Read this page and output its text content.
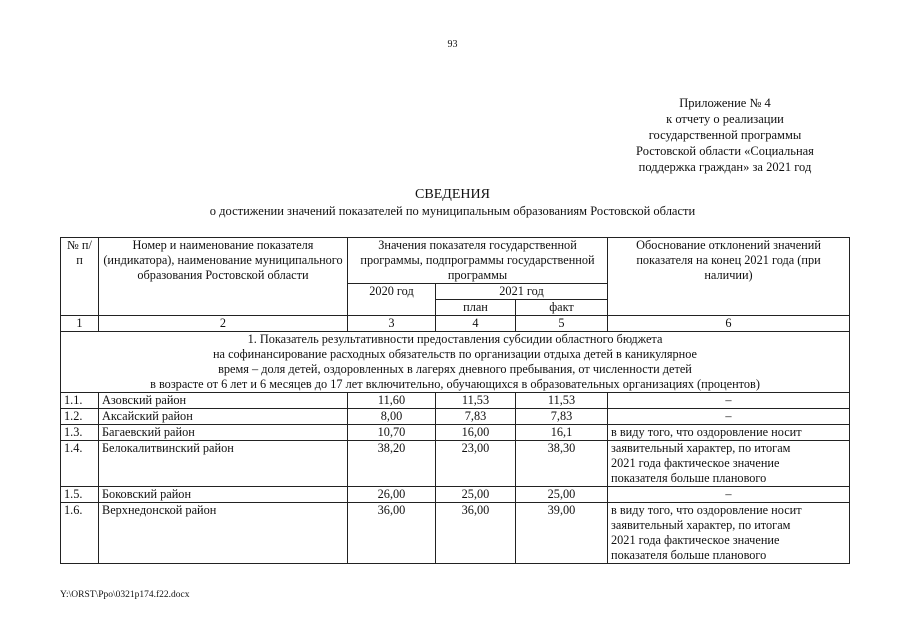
93
Приложение № 4
к отчету о реализации
государственной программы
Ростовской области «Социальная
поддержка граждан» за 2021 год
СВЕДЕНИЯ
о достижении значений показателей по муниципальным образованиям Ростовской области
№ п/п	Номер и наименование показателя (индикатора), наименование муниципального образования Ростовской области	Значения показателя государственной программы, подпрограммы государственной программы			Обоснование отклонений значений показателя на конец 2021 года (при наличии)
		2020 год	2021 год		
			план	факт	
1	2	3	4	5	6

1. Показатель результативности предоставления субсидии областного бюджета
на софинансирование расходных обязательств по организации отдыха детей в каникулярное
время – доля детей, оздоровленных в лагерях дневного пребывания, от численности детей
в возрасте от 6 лет и 6 месяцев до 17 лет включительно, обучающихся в образовательных организациях (процентов)					

1.1.	Азовский район	11,60	11,53	11,53	–

1.2.	Аксайский район	8,00	7,83	7,83	–

1.3.	Багаевский район	10,70	16,00	16,1	в виду того, что оздоровление носит

1.4.	Белокалитвинский район	38,20	23,00	38,30	заявительный характер, по итогам
2021 года фактическое значение
показателя больше планового

1.5.	Боковский район	26,00	25,00	25,00	–

1.6.	Верхнедонской район	36,00	36,00	39,00	в виду того, что оздоровление носит
заявительный характер, по итогам
2021 года фактическое значение
показателя больше планового
Y:\ORST\Ppo\0321p174.f22.docx
